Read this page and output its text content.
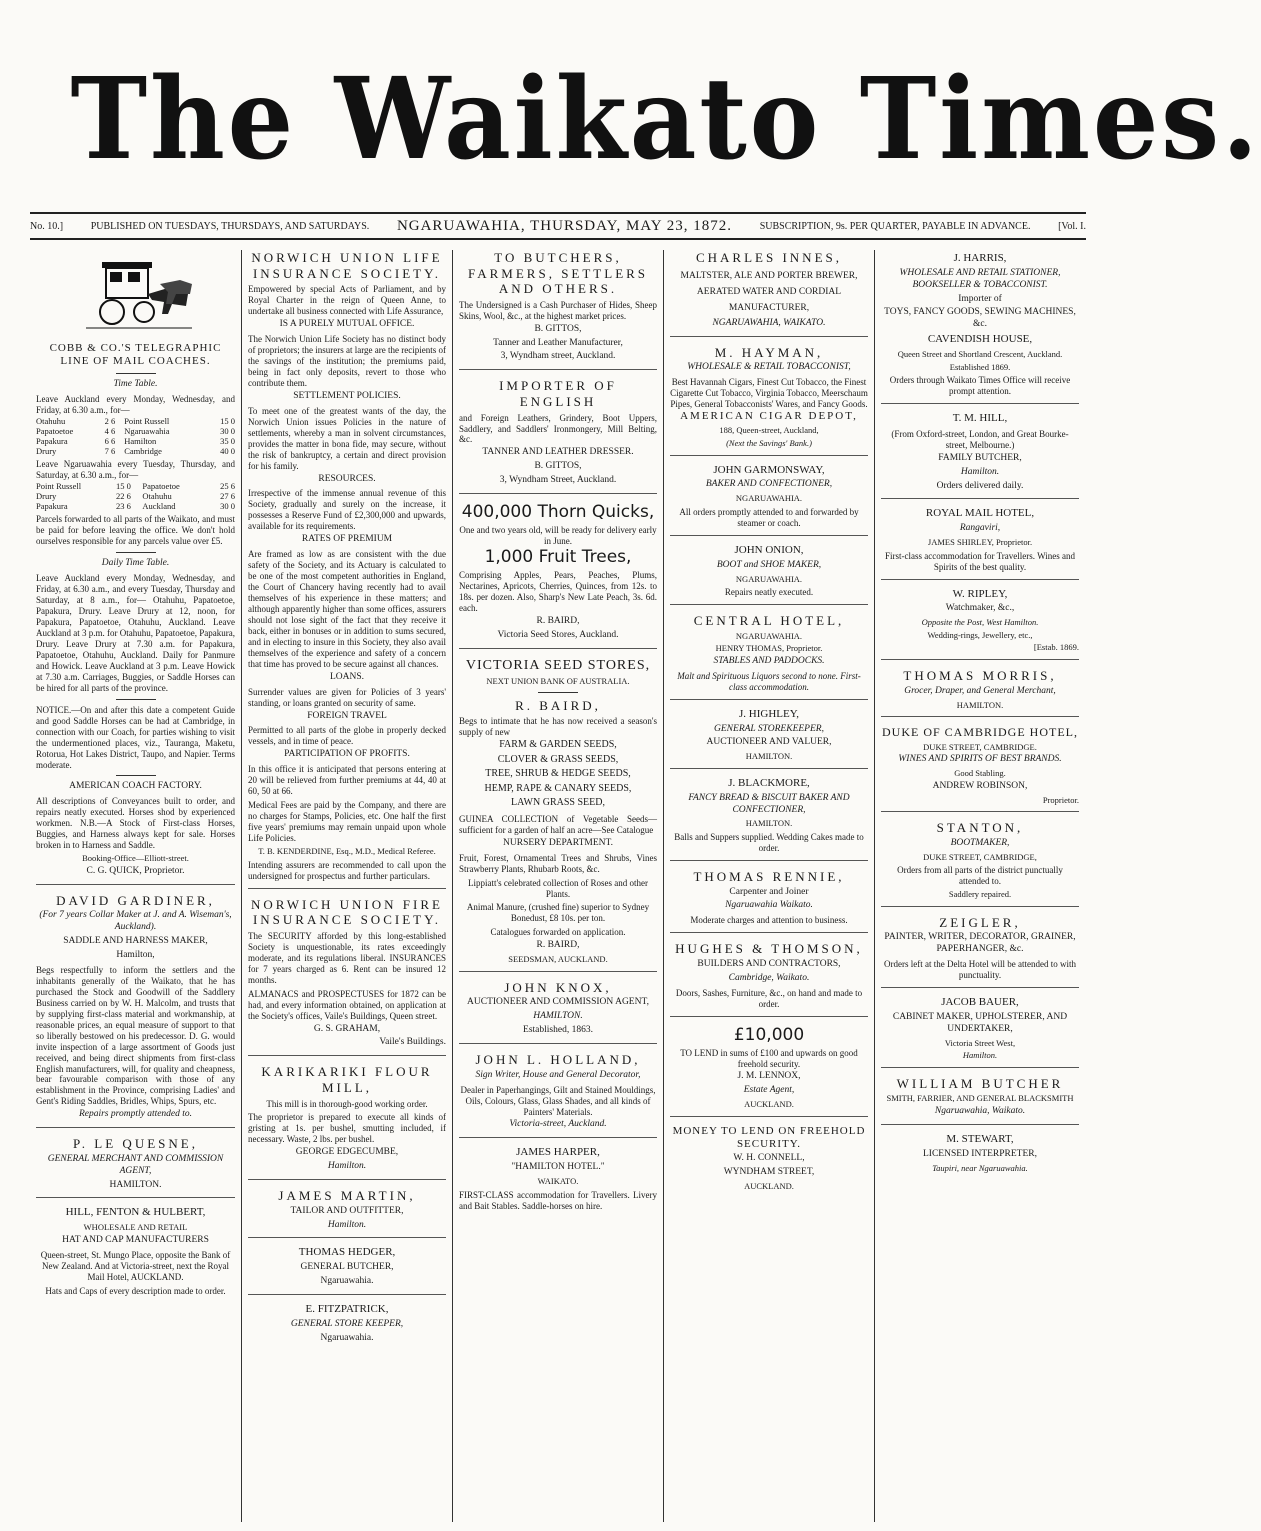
The Waikato Times.
No. 10.]	PUBLISHED ON TUESDAYS, THURSDAYS, AND SATURDAYS. NGARUAWAHIA, THURSDAY, MAY 23, 1872.	SUBSCRIPTION, 9s. PER QUARTER, PAYABLE IN ADVANCE.	[Vol. I.
COBB & CO.'S TELEGRAPHIC LINE OF MAIL COACHES.
Time Table.
Leave Auckland every Monday, Wednesday, and Friday, at 6.30 a.m., for—
Otahuhu	2 6	Point Russell	15 0
Papatoetoe	4 6	Ngaruawahia	30 0
Papakura	6 6	Hamilton	35 0
Drury	7 6	Cambridge	40 0
Leave Ngaruawahia every Tuesday, Thursday, and Saturday, at 6.30 a.m., for—
Point Russell	15 0	Papatoetoe	25 6
Drury	22 6	Otahuhu	27 6
Papakura	23 6	Auckland	30 0
Parcels forwarded to all parts of the Waikato, and must be paid for before leaving the office. We don't hold ourselves responsible for any parcels value over £5.
Daily Time Table.
Leave Auckland every Monday, Wednesday, and Friday, at 6.30 a.m., and every Tuesday, Thursday and Saturday, at 8 a.m., for— Otahuhu, Papatoetoe, Papakura, Drury. Leave Drury at 12, noon, for Papakura, Papatoetoe, Otahuhu, Auckland. Leave Auckland at 3 p.m. for Otahuhu, Papatoetoe, Papakura, Drury. Leave Drury at 7.30 a.m. for Papakura, Papatoetoe, Otahuhu, Auckland. Daily for Panmure and Howick. Leave Auckland at 3 p.m. Leave Howick at 7.30 a.m. Carriages, Buggies, or Saddle Horses can be hired for all parts of the province.
NOTICE.—On and after this date a competent Guide and good Saddle Horses can be had at Cambridge, in connection with our Coach, for parties wishing to visit the undermentioned places, viz., Tauranga, Maketu, Rotorua, Hot Lakes District, Taupo, and Napier. Terms moderate.
AMERICAN COACH FACTORY.
All descriptions of Conveyances built to order, and repairs neatly executed. Horses shod by experienced workmen. N.B.—A Stock of First-class Horses, Buggies, and Harness always kept for sale. Horses broken in to Harness and Saddle.
Booking-Office—Elliott-street.
C. G. QUICK, Proprietor.
DAVID GARDINER,
(For 7 years Collar Maker at J. and A. Wiseman's, Auckland).
SADDLE AND HARNESS MAKER,
Hamilton,
Begs respectfully to inform the settlers and the inhabitants generally of the Waikato, that he has purchased the Stock and Goodwill of the Saddlery Business carried on by W. H. Malcolm, and trusts that by supplying first-class material and workmanship, at reasonable prices, an equal measure of support to that so liberally bestowed on his predecessor. D. G. would invite inspection of a large assortment of Goods just received, and being direct shipments from first-class English manufacturers, will, for quality and cheapness, bear favourable comparison with those of any establishment in the Province, comprising Ladies' and Gent's Riding Saddles, Bridles, Whips, Spurs, etc.
Repairs promptly attended to.
P. LE QUESNE,
GENERAL MERCHANT AND COMMISSION AGENT,
HAMILTON.
HILL, FENTON & HULBERT,
WHOLESALE AND RETAIL
HAT AND CAP MANUFACTURERS
Queen-street, St. Mungo Place, opposite the Bank of New Zealand. And at Victoria-street, next the Royal Mail Hotel, AUCKLAND.
Hats and Caps of every description made to order.
NORWICH UNION LIFE INSURANCE SOCIETY.
Empowered by special Acts of Parliament, and by Royal Charter in the reign of Queen Anne, to undertake all business connected with Life Assurance,
IS A PURELY MUTUAL OFFICE.
The Norwich Union Life Society has no distinct body of proprietors; the insurers at large are the recipients of the savings of the institution; the premiums paid, being in fact only deposits, revert to those who contribute them.
SETTLEMENT POLICIES.
To meet one of the greatest wants of the day, the Norwich Union issues Policies in the nature of settlements, whereby a man in solvent circumstances, provides the matter in bona fide, may secure, without the risk of bankruptcy, a certain and direct provision for his family.
RESOURCES.
Irrespective of the immense annual revenue of this Society, gradually and surely on the increase, it possesses a Reserve Fund of £2,300,000 and upwards, available for its requirements.
RATES OF PREMIUM
Are framed as low as are consistent with the due safety of the Society, and its Actuary is calculated to be one of the most competent authorities in England, the Court of Chancery having recently had to avail themselves of his experience in these matters; and although apparently higher than some offices, assurers should not lose sight of the fact that they receive it back, either in bonuses or in addition to sums secured, and in electing to insure in this Society, they also avail themselves of the experience and safety of a concern that time has proved to be secure against all chances.
LOANS.
Surrender values are given for Policies of 3 years' standing, or loans granted on security of same.
FOREIGN TRAVEL
Permitted to all parts of the globe in properly decked vessels, and in time of peace.
PARTICIPATION OF PROFITS.
In this office it is anticipated that persons entering at 20 will be relieved from further premiums at 44, 40 at 60, 50 at 66.
Medical Fees are paid by the Company, and there are no charges for Stamps, Policies, etc. One half the first five years' premiums may remain unpaid upon whole Life Policies.
T. B. KENDERDINE, Esq., M.D., Medical Referee.
Intending assurers are recommended to call upon the undersigned for prospectus and further particulars.
NORWICH UNION FIRE INSURANCE SOCIETY.
The SECURITY afforded by this long-established Society is unquestionable, its rates exceedingly moderate, and its regulations liberal. INSURANCES for 7 years charged as 6. Rent can be insured 12 months.
ALMANACS and PROSPECTUSES for 1872 can be had, and every information obtained, on application at the Society's offices, Vaile's Buildings, Queen street.
G. S. GRAHAM,
Vaile's Buildings.
KARIKARIKI FLOUR MILL,
This mill is in thorough-good working order.
The proprietor is prepared to execute all kinds of gristing at 1s. per bushel, smutting included, if necessary. Waste, 2 lbs. per bushel.
GEORGE EDGECUMBE,
Hamilton.
JAMES MARTIN,
TAILOR AND OUTFITTER,
Hamilton.
THOMAS HEDGER,
GENERAL BUTCHER,
Ngaruawahia.
E. FITZPATRICK,
GENERAL STORE KEEPER,
Ngaruawahia.
TO BUTCHERS, FARMERS, SETTLERS AND OTHERS.
The Undersigned is a Cash Purchaser of Hides, Sheep Skins, Wool, &c., at the highest market prices.
B. GITTOS,
Tanner and Leather Manufacturer,
3, Wyndham street, Auckland.
IMPORTER OF ENGLISH
and Foreign Leathers, Grindery, Boot Uppers, Saddlery, and Saddlers' Ironmongery, Mill Belting, &c.
TANNER AND LEATHER DRESSER.
B. GITTOS,
3, Wyndham Street, Auckland.
400,000 Thorn Quicks,
One and two years old, will be ready for delivery early in June.
1,000 Fruit Trees,
Comprising Apples, Pears, Peaches, Plums, Nectarines, Apricots, Cherries, Quinces, from 12s. to 18s. per dozen. Also, Sharp's New Late Peach, 3s. 6d. each.
R. BAIRD,
Victoria Seed Stores, Auckland.
VICTORIA SEED STORES,
NEXT UNION BANK OF AUSTRALIA.
R. BAIRD,
Begs to intimate that he has now received a season's supply of new
FARM & GARDEN SEEDS,
CLOVER & GRASS SEEDS,
TREE, SHRUB & HEDGE SEEDS,
HEMP, RAPE & CANARY SEEDS,
LAWN GRASS SEED,
GUINEA COLLECTION of Vegetable Seeds—sufficient for a garden of half an acre—See Catalogue
NURSERY DEPARTMENT.
Fruit, Forest, Ornamental Trees and Shrubs, Vines Strawberry Plants, Rhubarb Roots, &c.
Lippiatt's celebrated collection of Roses and other Plants.
Animal Manure, (crushed fine) superior to Sydney Bonedust, £8 10s. per ton.
Catalogues forwarded on application.
R. BAIRD,
SEEDSMAN, AUCKLAND.
JOHN KNOX,
AUCTIONEER AND COMMISSION AGENT,
HAMILTON.
Established, 1863.
JOHN L. HOLLAND,
Sign Writer, House and General Decorator,
Dealer in Paperhangings, Gilt and Stained Mouldings, Oils, Colours, Glass, Glass Shades, and all kinds of Painters' Materials.
Victoria-street, Auckland.
JAMES HARPER,
"HAMILTON HOTEL."
WAIKATO.
FIRST-CLASS accommodation for Travellers. Livery and Bait Stables. Saddle-horses on hire.
CHARLES INNES,
MALTSTER, ALE AND PORTER BREWER, AERATED WATER AND CORDIAL MANUFACTURER,
NGARUAWAHIA, WAIKATO.
M. HAYMAN,
WHOLESALE & RETAIL TOBACCONIST,
Best Havannah Cigars, Finest Cut Tobacco, the Finest Cigarette Cut Tobacco, Virginia Tobacco, Meerschaum Pipes, General Tobacconists' Wares, and Fancy Goods.
AMERICAN CIGAR DEPOT,
188, Queen-street, Auckland,
(Next the Savings' Bank.)
JOHN GARMONSWAY,
BAKER AND CONFECTIONER,
NGARUAWAHIA.
All orders promptly attended to and forwarded by steamer or coach.
JOHN ONION,
BOOT and SHOE MAKER,
NGARUAWAHIA.
Repairs neatly executed.
CENTRAL HOTEL,
NGARUAWAHIA.
HENRY THOMAS, Proprietor.
STABLES AND PADDOCKS.
Malt and Spirituous Liquors second to none. First-class accommodation.
J. HIGHLEY,
GENERAL STOREKEEPER,
AUCTIONEER AND VALUER,
HAMILTON.
J. BLACKMORE,
FANCY BREAD & BISCUIT BAKER AND CONFECTIONER,
HAMILTON.
Balls and Suppers supplied. Wedding Cakes made to order.
THOMAS RENNIE,
Carpenter and Joiner
Ngaruawahia Waikato.
Moderate charges and attention to business.
HUGHES & THOMSON,
BUILDERS AND CONTRACTORS,
Cambridge, Waikato.
Doors, Sashes, Furniture, &c., on hand and made to order.
£10,000
TO LEND in sums of £100 and upwards on good freehold security.
J. M. LENNOX,
Estate Agent,
AUCKLAND.
MONEY TO LEND ON FREEHOLD SECURITY.
W. H. CONNELL,
WYNDHAM STREET,
AUCKLAND.
J. HARRIS,
WHOLESALE AND RETAIL STATIONER, BOOKSELLER & TOBACCONIST.
Importer of
TOYS, FANCY GOODS, SEWING MACHINES, &c.
CAVENDISH HOUSE,
Queen Street and Shortland Crescent, Auckland.
Established 1869.
Orders through Waikato Times Office will receive prompt attention.
T. M. HILL,
(From Oxford-street, London, and Great Bourke-street, Melbourne.)
FAMILY BUTCHER,
Hamilton.
Orders delivered daily.
ROYAL MAIL HOTEL,
Rangaviri,
JAMES SHIRLEY, Proprietor.
First-class accommodation for Travellers. Wines and Spirits of the best quality.
W. RIPLEY,
Watchmaker, &c.,
Opposite the Post, West Hamilton.
Wedding-rings, Jewellery, etc.,
[Estab. 1869.
THOMAS MORRIS,
Grocer, Draper, and General Merchant,
HAMILTON.
DUKE OF CAMBRIDGE HOTEL,
DUKE STREET, CAMBRIDGE.
WINES AND SPIRITS OF BEST BRANDS.
Good Stabling.
ANDREW ROBINSON,
Proprietor.
STANTON,
BOOTMAKER,
DUKE STREET, CAMBRIDGE,
Orders from all parts of the district punctually attended to.
Saddlery repaired.
ZEIGLER,
PAINTER, WRITER, DECORATOR, GRAINER, PAPERHANGER, &c.
Orders left at the Delta Hotel will be attended to with punctuality.
JACOB BAUER,
CABINET MAKER, UPHOLSTERER, AND UNDERTAKER,
Victoria Street West,
Hamilton.
WILLIAM BUTCHER
SMITH, FARRIER, AND GENERAL BLACKSMITH
Ngaruawahia, Waikato.
M. STEWART,
LICENSED INTERPRETER,
Taupiri, near Ngaruawahia.
